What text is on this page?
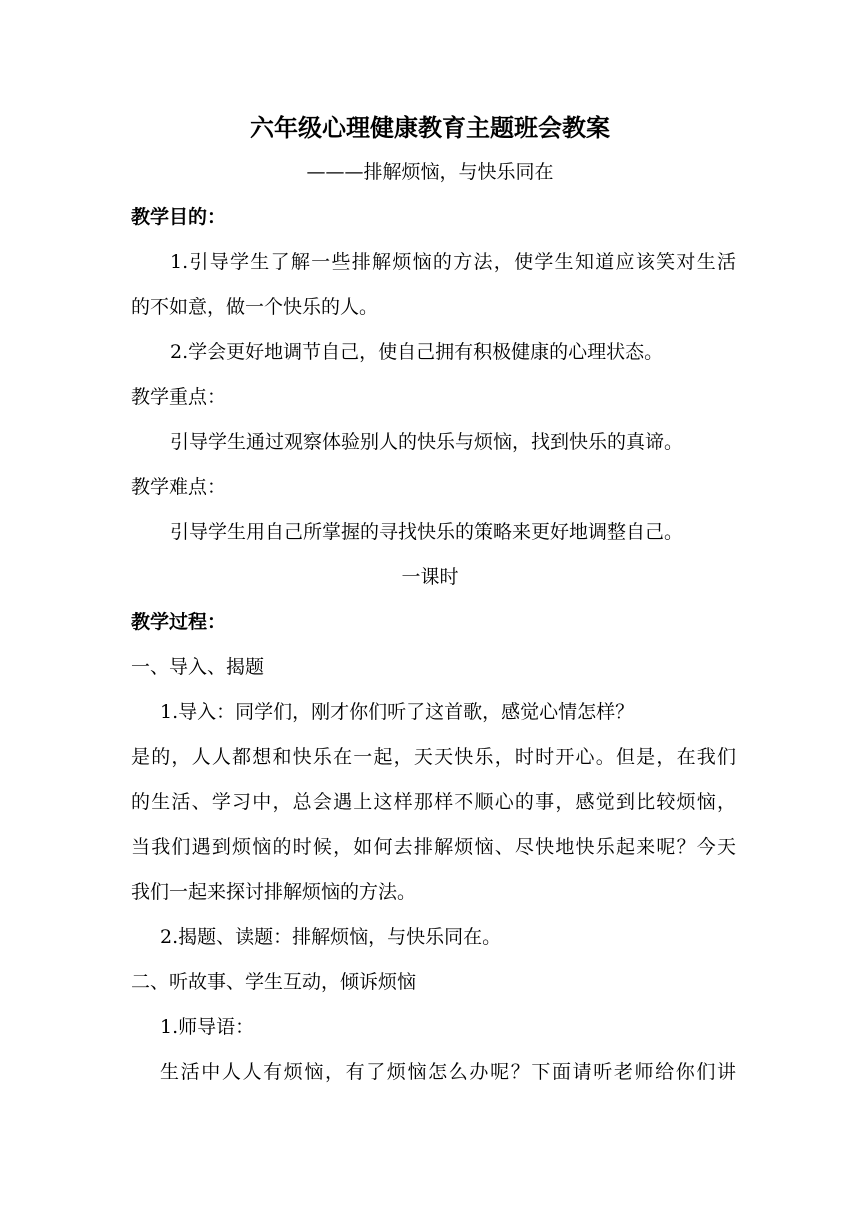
六年级心理健康教育主题班会教案
———排解烦恼，与快乐同在
教学目的：
1.引导学生了解一些排解烦恼的方法，使学生知道应该笑对生活
的不如意，做一个快乐的人。
2.学会更好地调节自己，使自己拥有积极健康的心理状态。
教学重点：
引导学生通过观察体验别人的快乐与烦恼，找到快乐的真谛。
教学难点：
引导学生用自己所掌握的寻找快乐的策略来更好地调整自己。
一课时
教学过程：
一、导入、揭题
1.导入：同学们，刚才你们听了这首歌，感觉心情怎样？
是的，人人都想和快乐在一起，天天快乐，时时开心。但是，在我们
的生活、学习中，总会遇上这样那样不顺心的事，感觉到比较烦恼，
当我们遇到烦恼的时候，如何去排解烦恼、尽快地快乐起来呢？今天
我们一起来探讨排解烦恼的方法。
2.揭题、读题：排解烦恼，与快乐同在。
二、听故事、学生互动，倾诉烦恼
1.师导语：
生活中人人有烦恼，有了烦恼怎么办呢？下面请听老师给你们讲
